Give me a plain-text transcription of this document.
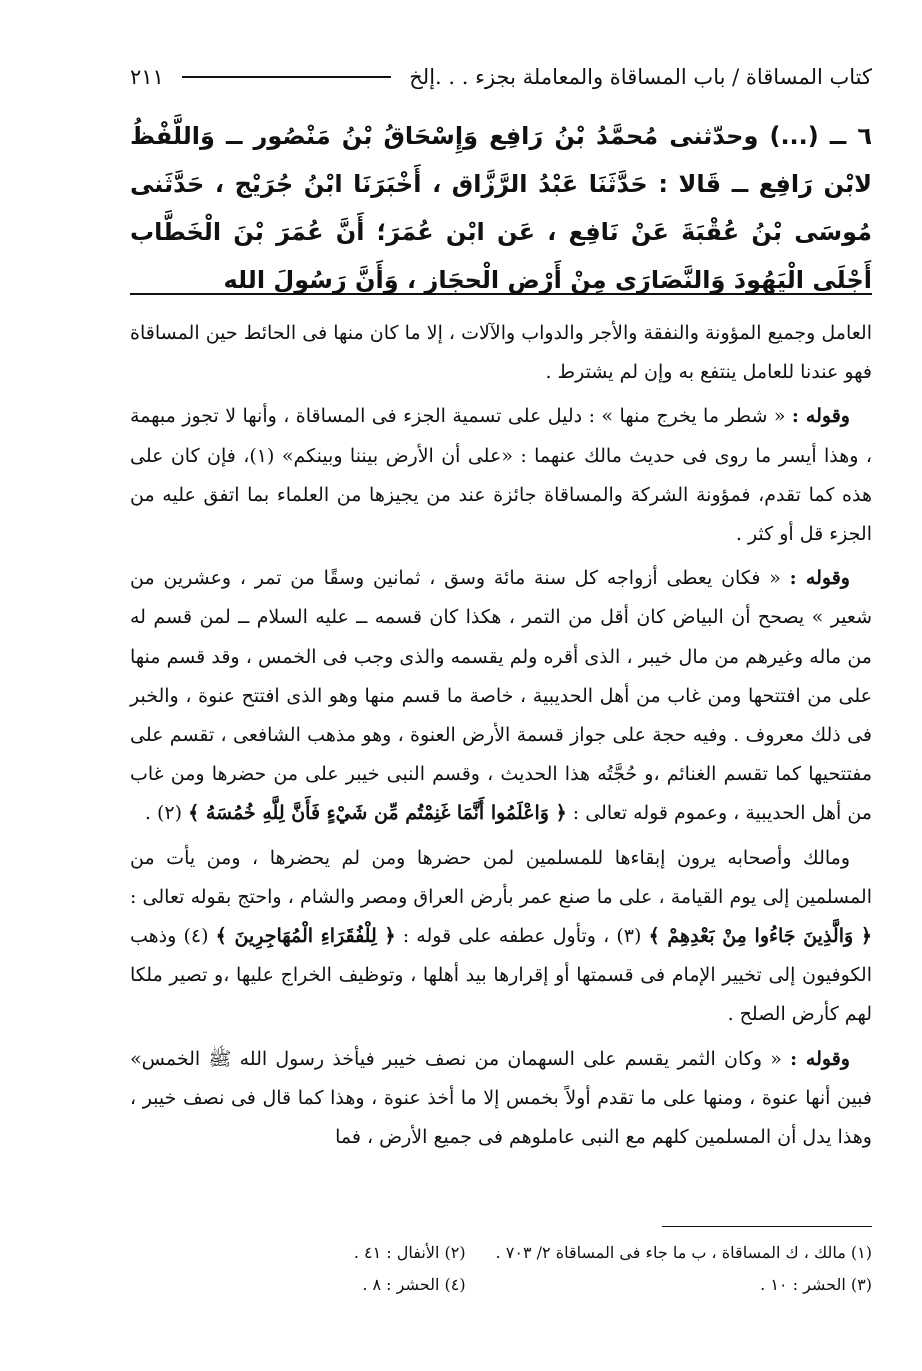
كتاب المساقاة / باب المساقاة والمعاملة بجزء . . .إلخ
٢١١
٦ ــ (...) وحدّثنى مُحمَّدُ بْنُ رَافِع وَإِسْحَاقُ بْنُ مَنْصُور ــ وَاللَّفْظُ لابْن رَافِع ــ قَالا : حَدَّثَنَا عَبْدُ الرَّزَّاق ، أَخْبَرَنَا ابْنُ جُرَيْج ، حَدَّثَنى مُوسَى بْنُ عُقْبَةَ عَنْ نَافِع ، عَن ابْن عُمَرَ؛ أَنَّ عُمَرَ بْنَ الْخَطَّاب أَجْلَى الْيَهُودَ وَالنَّصَارَى مِنْ أَرْض الْحجَاز ، وَأَنَّ رَسُولَ الله

العامل وجميع المؤونة والنفقة والأجر والدواب والآلات ، إلا ما كان منها فى الحائط حين المساقاة فهو عندنا للعامل ينتفع به وإن لم يشترط .

وقوله : « شطر ما يخرج منها » : دليل على تسمية الجزء فى المساقاة ، وأنها لا تجوز مبهمة ، وهذا أيسر ما روى فى حديث مالك عنهما : «على أن الأرض بيننا وبينكم» (١)، فإن كان على هذه كما تقدم، فمؤونة الشركة والمساقاة جائزة عند من يجيزها من العلماء بما اتفق عليه من الجزء قل أو كثر .

وقوله : « فكان يعطى أزواجه كل سنة مائة وسق ، ثمانين وسقًا من تمر ، وعشرين من شعير » يصحح أن البياض كان أقل من التمر ، هكذا كان قسمه ــ عليه السلام ــ لمن قسم له من ماله وغيرهم من مال خيبر ، الذى أقره ولم يقسمه والذى وجب فى الخمس ، وقد قسم منها على من افتتحها ومن غاب من أهل الحديبية ، خاصة ما قسم منها وهو الذى افتتح عنوة ، والخبر فى ذلك معروف . وفيه حجة على جواز قسمة الأرض العنوة ، وهو مذهب الشافعى ، تقسم على مفتتحيها كما تقسم الغنائم ،و حُجَّتُه هذا الحديث ، وقسم النبى خيبر على من حضرها ومن غاب من أهل الحديبية ، وعموم قوله تعالى : ﴿ وَاعْلَمُوا أَنَّمَا غَنِمْتُم مِّن شَيْءٍ فَأَنَّ لِلَّهِ خُمُسَهُ ﴾ (٢) .

ومالك وأصحابه يرون إبقاءها للمسلمين لمن حضرها ومن لم يحضرها ، ومن يأت من المسلمين إلى يوم القيامة ، على ما صنع عمر بأرض العراق ومصر والشام ، واحتج بقوله تعالى : ﴿ وَالَّذِينَ جَاءُوا مِنْ بَعْدِهِمْ ﴾ (٣) ، وتأول عطفه على قوله : ﴿ لِلْفُقَرَاءِ الْمُهَاجِرِينَ ﴾ (٤) وذهب الكوفيون إلى تخيير الإمام فى قسمتها أو إقرارها بيد أهلها ، وتوظيف الخراج عليها ،و تصير ملكا لهم كأرض الصلح .

وقوله : « وكان الثمر يقسم على السهمان من نصف خيبر فيأخذ رسول الله ﷺ الخمس» فبين أنها عنوة ، ومنها على ما تقدم أولاً بخمس إلا ما أخذ عنوة ، وهذا كما قال فى نصف خيبر ، وهذا يدل أن المسلمين كلهم مع النبى عاملوهم فى جميع الأرض ، فما

(١) مالك ، ك المساقاة ، ب ما جاء فى المساقاة ٢/ ٧٠٣ .
(٢) الأنفال : ٤١ .
(٣) الحشر : ١٠ .
(٤) الحشر : ٨ .
